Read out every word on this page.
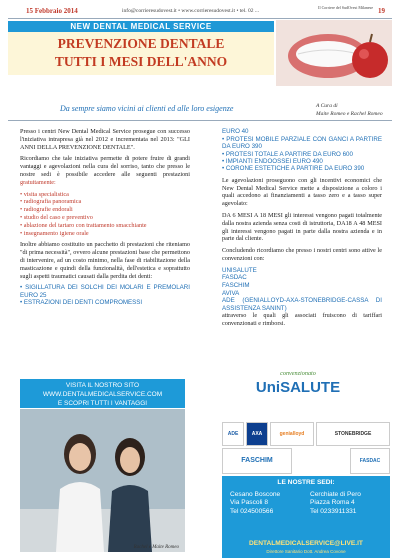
15 Febbraio 2014	info@corrieresudovest.it • www.corrieresudovest.it • tel. 02 ...
Il Corriere del SudOvest Milanese 19
NEW DENTAL MEDICAL SERVICE
PREVENZIONE DENTALE
TUTTI I MESI DELL'ANNO
Da sempre siamo vicini ai clienti ed alle loro esigenze	A Cura di
Maite Romeo e Rachel Romeo

Presso i centri New Dental Medical Service prosegue con successo l'iniziativa intrapresa già nel 2012 e incrementata nel 2013: "GLI ANNI DELLA PREVENZIONE DENTALE".

Ricordiamo che tale iniziativa permette di potere fruire di grandi vantaggi e agevolazioni nella cura del sorriso, tanto che presso le nostre sedi è possibile accedere alle seguenti prestazioni gratuitamente:

• visita specialistica
• radiografia panoramica
• radiografie endorali
• studio del caso e preventivo
• ablazione del tartaro con trattamento smacchiante
• insegnamento igiene orale

Inoltre abbiamo costituito un pacchetto di prestazioni che riteniamo "di prima necessità", ovvero alcune prestazioni base che permettono di intervenire, ad un costo minimo, nella fase di riabilitazione della masticazione e quindi della funzionalità, dell'estetica e soprattutto sugli aspetti traumatici causati dalla perdita dei denti:

• SIGILLATURA DEI SOLCHI DEI MOLARI E PREMOLARI EURO 25
• ESTRAZIONI DEI DENTI COMPROMESSI
EURO 40
• PROTESI MOBILE PARZIALE CON GANCI A PARTIRE DA EURO 390
• PROTESI TOTALE A PARTIRE DA EURO 600
• IMPIANTI ENDOOSSEI EURO 490
• CORONE ESTETICHE A PARTIRE DA EURO 390

Le agevolazioni proseguono con gli incentivi economici che New Dental Medical Service mette a disposizione a coloro i quali accedono ai finanziamenti a tasso zero e a tasso super agevolato:

DA 6 MESI A 18 MESI gli interessi vengono pagati totalmente dalla nostra azienda senza costi di istruttoria, DA18 A 48 MESI gli interessi vengono pagati in parte dalla nostra azienda e in parte dal cliente.

Concludendo ricordiamo che presso i nostri centri sono attive le convenzioni con:

UNISALUTE
FASDAC
FASCHIM
AVIVA
ADE (GENIALLOYD-AXA-STONEBRIDGE-CASSA DI ASSISTENZA SANINT)

attraverso le quali gli associati fruiscono di tariffari convenzionati e rimborsi.

VISITA IL NOSTRO SITO
WWW.DENTALMEDICALSERVICE.COM
E SCOPRI TUTTI I VANTAGGI
Rachel e Maite Romeo
convenzionato
UniSALUTE
ADE	AXA	genialloyd	STONEBRIDGE
FASCHIM	FASDAC
LE NOSTRE SEDI:
Cesano Boscone
Via Pascoli 8
Tel 024500566
Cerchiate di Pero
Piazza Roma 4
Tel 0233911331
DENTALMEDICALSERVICE@LIVE.IT
Direttore Sanitario Dott. Andrea Covone
